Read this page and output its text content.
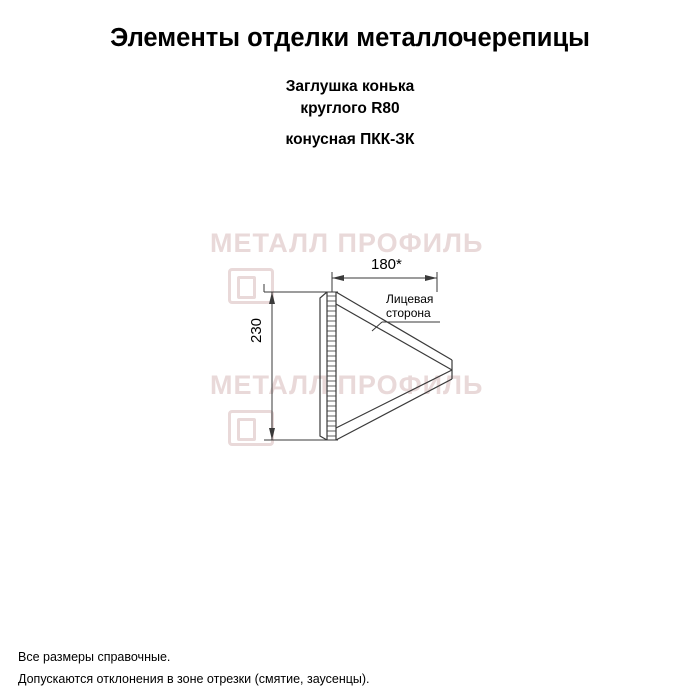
Элементы отделки металлочерепицы
Заглушка конька
круглого R80
конусная ПКК-ЗК
МЕТАЛЛ ПРОФИЛЬ
МЕТАЛЛ ПРОФИЛЬ
180*
230
Лицевая
сторона
Все размеры справочные.
Допускаются отклонения в зоне отрезки (смятие, заусенцы).
